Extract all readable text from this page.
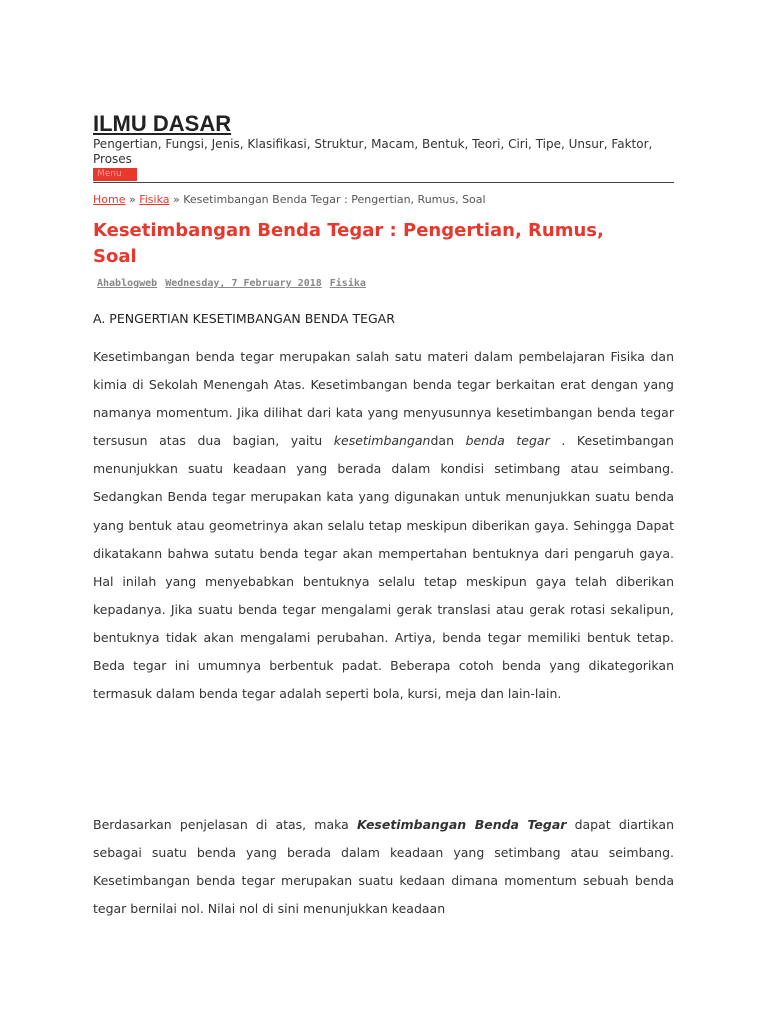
ILMU DASAR
Pengertian, Fungsi, Jenis, Klasifikasi, Struktur, Macam, Bentuk, Teori, Ciri, Tipe, Unsur, Faktor, Proses
Menu
Home » Fisika » Kesetimbangan Benda Tegar : Pengertian, Rumus, Soal
Kesetimbangan Benda Tegar : Pengertian, Rumus, Soal
Ahablogweb Wednesday, 7 February 2018 Fisika
A. PENGERTIAN KESETIMBANGAN BENDA TEGAR

Kesetimbangan benda tegar merupakan salah satu materi dalam pembelajaran Fisika dan kimia di Sekolah Menengah Atas. Kesetimbangan benda tegar berkaitan erat dengan yang namanya momentum. Jika dilihat dari kata yang menyusunnya kesetimbangan benda tegar tersusun atas dua bagian, yaitu kesetimbangandan benda tegar . Kesetimbangan menunjukkan suatu keadaan yang berada dalam kondisi setimbang atau seimbang. Sedangkan Benda tegar merupakan kata yang digunakan untuk menunjukkan suatu benda yang bentuk atau geometrinya akan selalu tetap meskipun diberikan gaya. Sehingga Dapat dikatakann bahwa sutatu benda tegar akan mempertahan bentuknya dari pengaruh gaya. Hal inilah yang menyebabkan bentuknya selalu tetap meskipun gaya telah diberikan kepadanya. Jika suatu benda tegar mengalami gerak translasi atau gerak rotasi sekalipun, bentuknya tidak akan mengalami perubahan. Artiya, benda tegar memiliki bentuk tetap. Beda tegar ini umumnya berbentuk padat. Beberapa cotoh benda yang dikategorikan termasuk dalam benda tegar adalah seperti bola, kursi, meja dan lain-lain.

Berdasarkan penjelasan di atas, maka Kesetimbangan Benda Tegar dapat diartikan sebagai suatu benda yang berada dalam keadaan yang setimbang atau seimbang. Kesetimbangan benda tegar merupakan suatu kedaan dimana momentum sebuah benda tegar bernilai nol. Nilai nol di sini menunjukkan keadaan
